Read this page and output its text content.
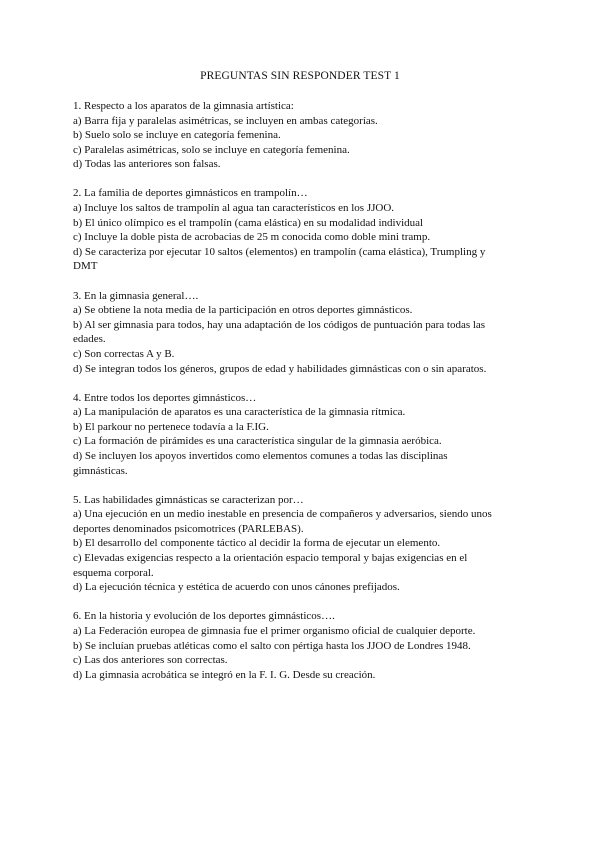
PREGUNTAS SIN RESPONDER TEST 1

1. Respecto a los aparatos de la gimnasia artística:

a) Barra fija y paralelas asimétricas, se incluyen en ambas categorías.

b) Suelo solo se incluye en categoría femenina.

c) Paralelas asimétricas, solo se incluye en categoría femenina.

d) Todas las anteriores son falsas.

2. La familia de deportes gimnásticos en trampolín…

a) Incluye los saltos de trampolín al agua tan característicos en los JJOO.

b) El único olímpico es el trampolín (cama elástica) en su modalidad individual

c) Incluye la doble pista de acrobacias de 25 m conocida como doble mini tramp.

d) Se caracteriza por ejecutar 10 saltos (elementos) en trampolín (cama elástica), Trumpling y DMT

3. En la gimnasia general….

a) Se obtiene la nota media de la participación en otros deportes gimnásticos.

b) Al ser gimnasia para todos, hay una adaptación de los códigos de puntuación para todas las edades.

c) Son correctas A y B.

d) Se integran todos los géneros, grupos de edad y habilidades gimnásticas con o sin aparatos.

4. Entre todos los deportes gimnásticos…

a) La manipulación de aparatos es una característica de la gimnasia rítmica.

b) El parkour no pertenece todavía a la F.IG.

c) La formación de pirámides es una característica singular de la gimnasia aeróbica.

d) Se incluyen los apoyos invertidos como elementos comunes a todas las disciplinas gimnásticas.

5. Las habilidades gimnásticas se caracterizan por…

a) Una ejecución en un medio inestable en presencia de compañeros y adversarios, siendo unos deportes denominados psicomotrices (PARLEBAS).

b) El desarrollo del componente táctico al decidir la forma de ejecutar un elemento.

c) Elevadas exigencias respecto a la orientación espacio temporal y bajas exigencias en el esquema corporal.

d) La ejecución técnica y estética de acuerdo con unos cánones prefijados.

6. En la historia y evolución de los deportes gimnásticos….

a) La Federación europea de gimnasia fue el primer organismo oficial de cualquier deporte.

b) Se incluían pruebas atléticas como el salto con pértiga hasta los JJOO de Londres 1948.

c) Las dos anteriores son correctas.

d) La gimnasia acrobática se integró en la F. I. G. Desde su creación.
